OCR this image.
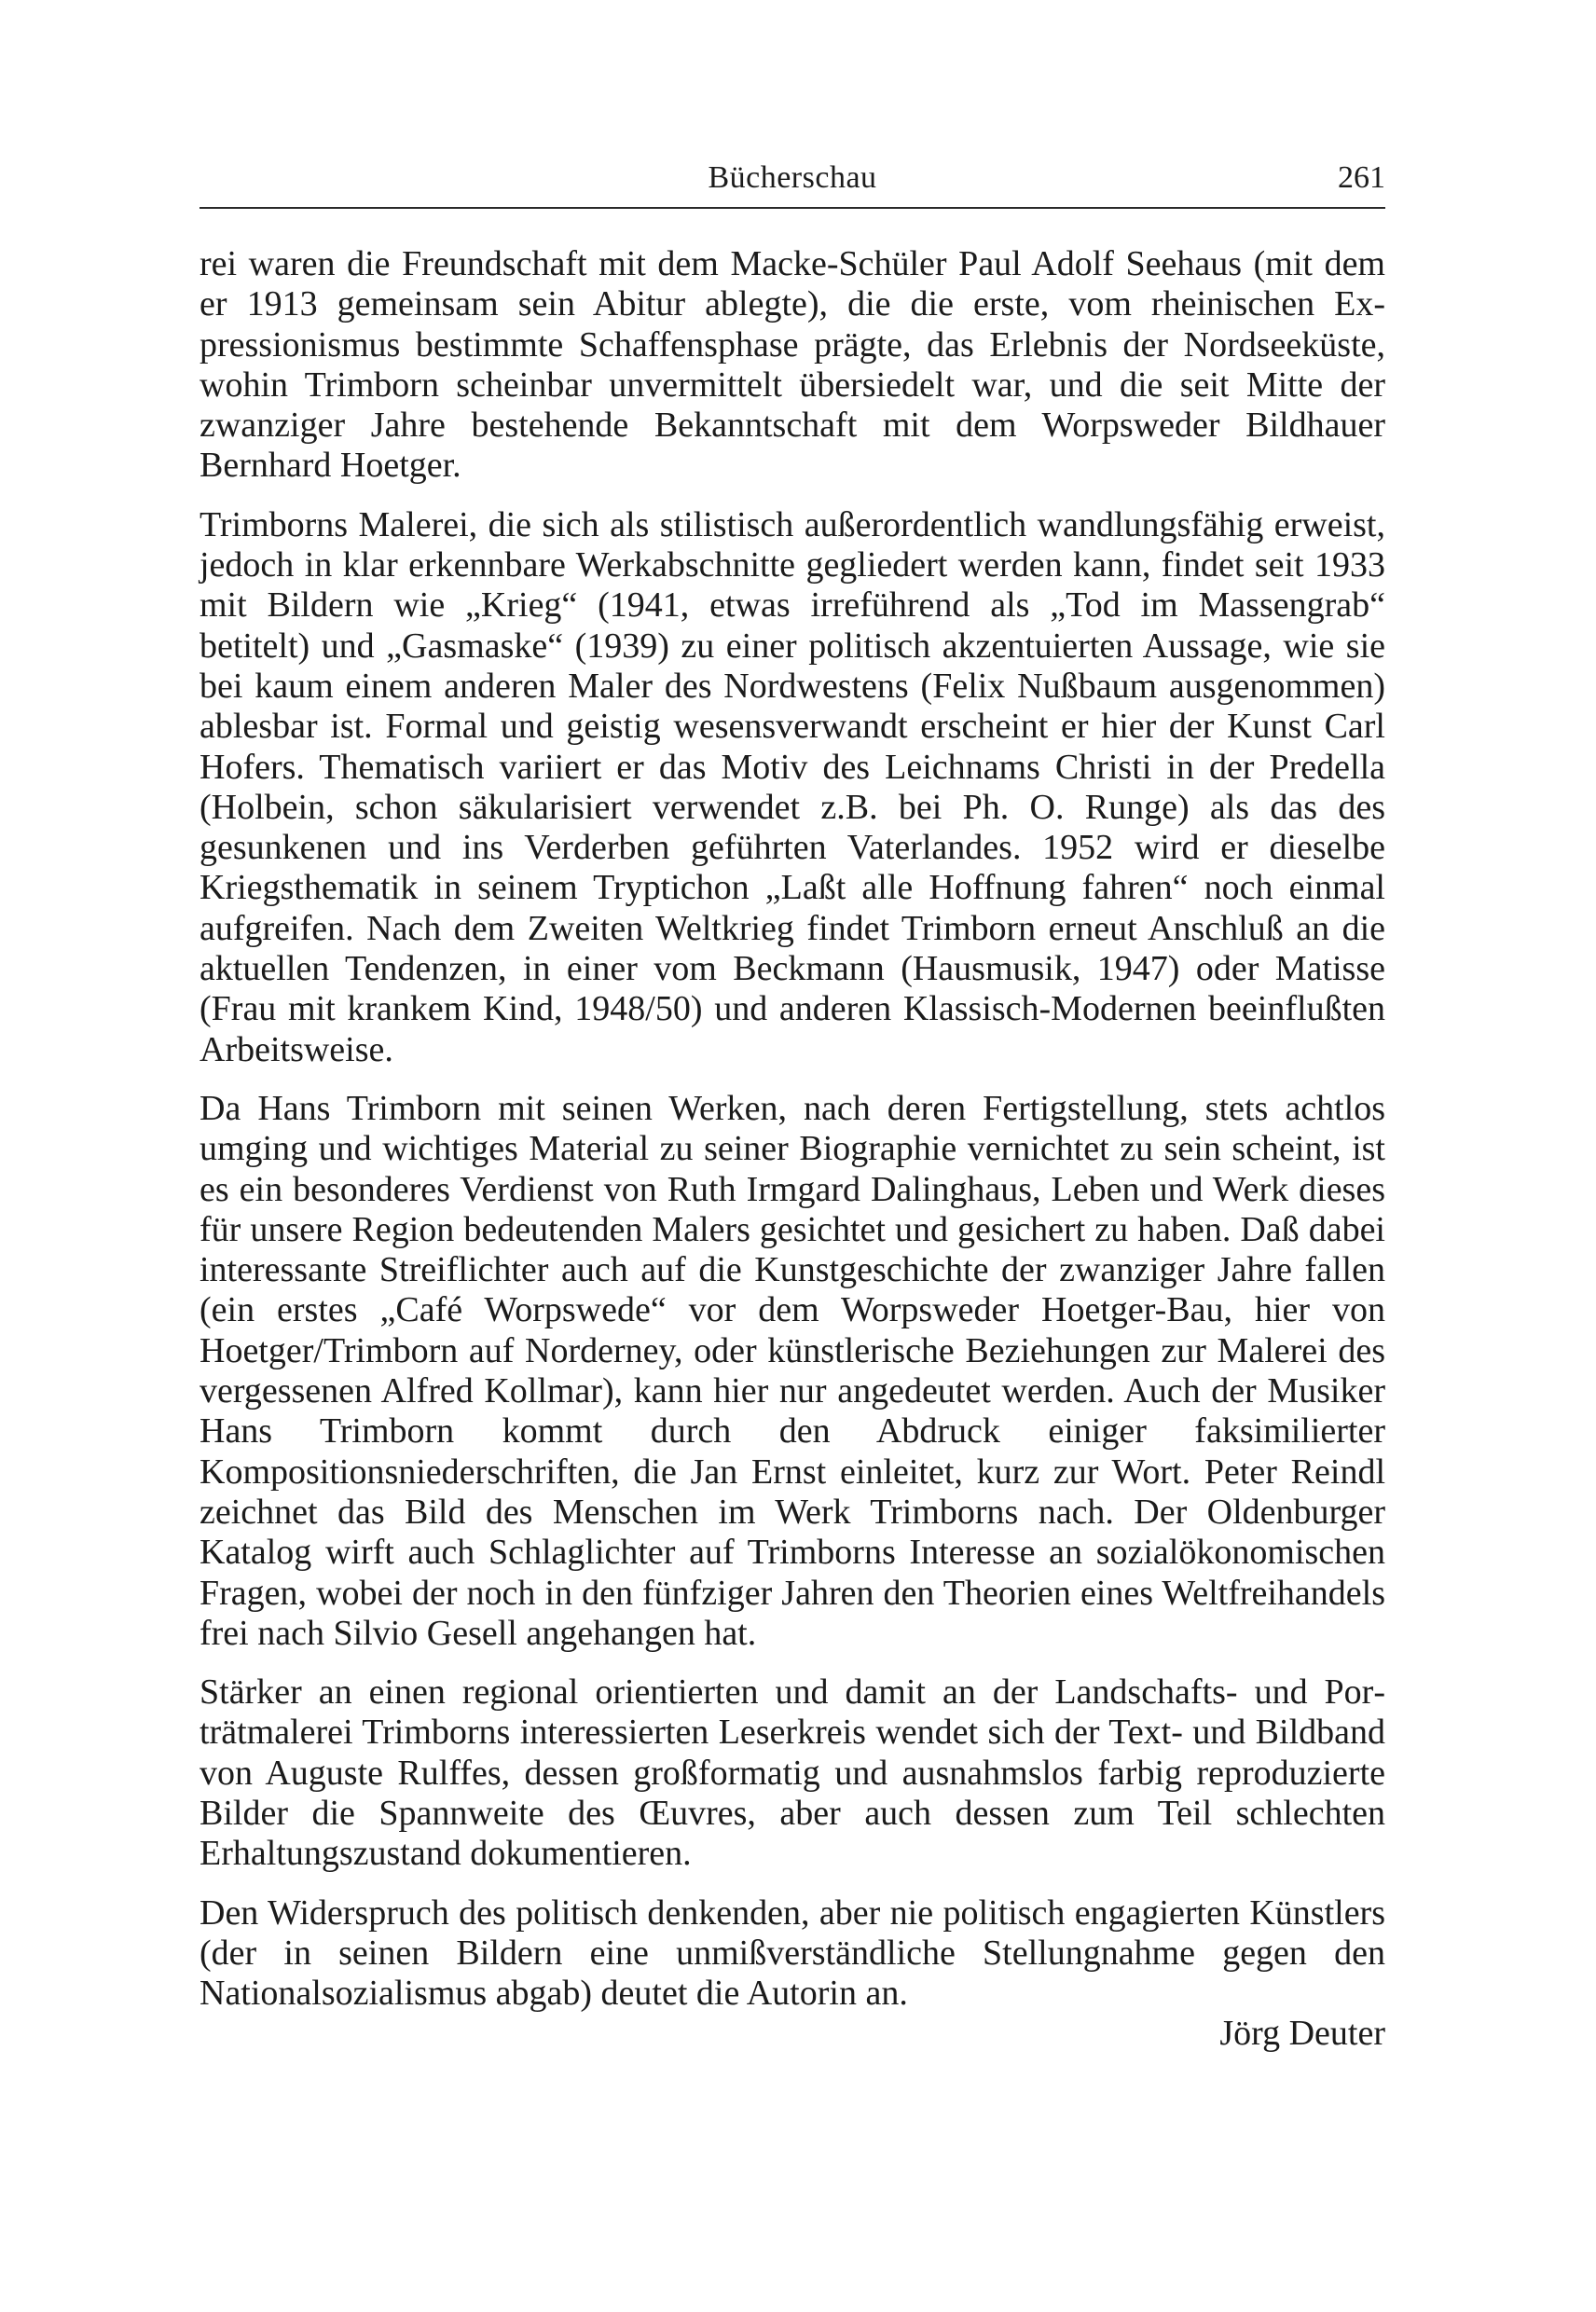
Bücherschau	261

rei waren die Freundschaft mit dem Macke-Schüler Paul Adolf Seehaus (mit dem er 1913 gemeinsam sein Abitur ablegte), die die erste, vom rheinischen Expressionismus bestimmte Schaffensphase prägte, das Erlebnis der Nordseeküste, wohin Trimborn scheinbar unvermittelt übersiedelt war, und die seit Mitte der zwanziger Jahre bestehende Bekanntschaft mit dem Worpsweder Bildhauer Bernhard Hoetger.

Trimborns Malerei, die sich als stilistisch außerordentlich wandlungsfähig erweist, jedoch in klar erkennbare Werkabschnitte gegliedert werden kann, findet seit 1933 mit Bildern wie „Krieg“ (1941, etwas irreführend als „Tod im Massengrab“ betitelt) und „Gasmaske“ (1939) zu einer politisch akzentuierten Aussage, wie sie bei kaum einem anderen Maler des Nordwestens (Felix Nußbaum ausgenommen) ablesbar ist. Formal und geistig wesensverwandt erscheint er hier der Kunst Carl Hofers. Thematisch variiert er das Motiv des Leichnams Christi in der Predella (Holbein, schon säkularisiert verwendet z.B. bei Ph. O. Runge) als das des gesunkenen und ins Verderben geführten Vaterlandes. 1952 wird er dieselbe Kriegsthematik in seinem Tryptichon „Laßt alle Hoffnung fahren“ noch einmal aufgreifen. Nach dem Zweiten Weltkrieg findet Trimborn erneut Anschluß an die aktuellen Tendenzen, in einer vom Beckmann (Hausmusik, 1947) oder Matisse (Frau mit krankem Kind, 1948/50) und anderen Klassisch-Modernen beeinflußten Arbeitsweise.

Da Hans Trimborn mit seinen Werken, nach deren Fertigstellung, stets achtlos umging und wichtiges Material zu seiner Biographie vernichtet zu sein scheint, ist es ein besonderes Verdienst von Ruth Irmgard Dalinghaus, Leben und Werk dieses für unsere Region bedeutenden Malers gesichtet und gesichert zu haben. Daß dabei interessante Streiflichter auch auf die Kunstgeschichte der zwanziger Jahre fallen (ein erstes „Café Worpswede“ vor dem Worpsweder Hoetger-Bau, hier von Hoetger/Trimborn auf Norderney, oder künstlerische Beziehungen zur Malerei des vergessenen Alfred Kollmar), kann hier nur angedeutet werden. Auch der Musiker Hans Trimborn kommt durch den Abdruck einiger faksimilierter Kompositionsniederschriften, die Jan Ernst einleitet, kurz zur Wort. Peter Reindl zeichnet das Bild des Menschen im Werk Trimborns nach. Der Oldenburger Katalog wirft auch Schlaglichter auf Trimborns Interesse an sozialökonomischen Fragen, wobei der noch in den fünfziger Jahren den Theorien eines Weltfreihandels frei nach Silvio Gesell angehangen hat.

Stärker an einen regional orientierten und damit an der Landschafts- und Porträtmalerei Trimborns interessierten Leserkreis wendet sich der Text- und Bildband von Auguste Rulffes, dessen großformatig und ausnahmslos farbig reproduzierte Bilder die Spannweite des Œuvres, aber auch dessen zum Teil schlechten Erhaltungszustand dokumentieren.

Den Widerspruch des politisch denkenden, aber nie politisch engagierten Künstlers (der in seinen Bildern eine unmißverständliche Stellungnahme gegen den Nationalsozialismus abgab) deutet die Autorin an.

Jörg Deuter
